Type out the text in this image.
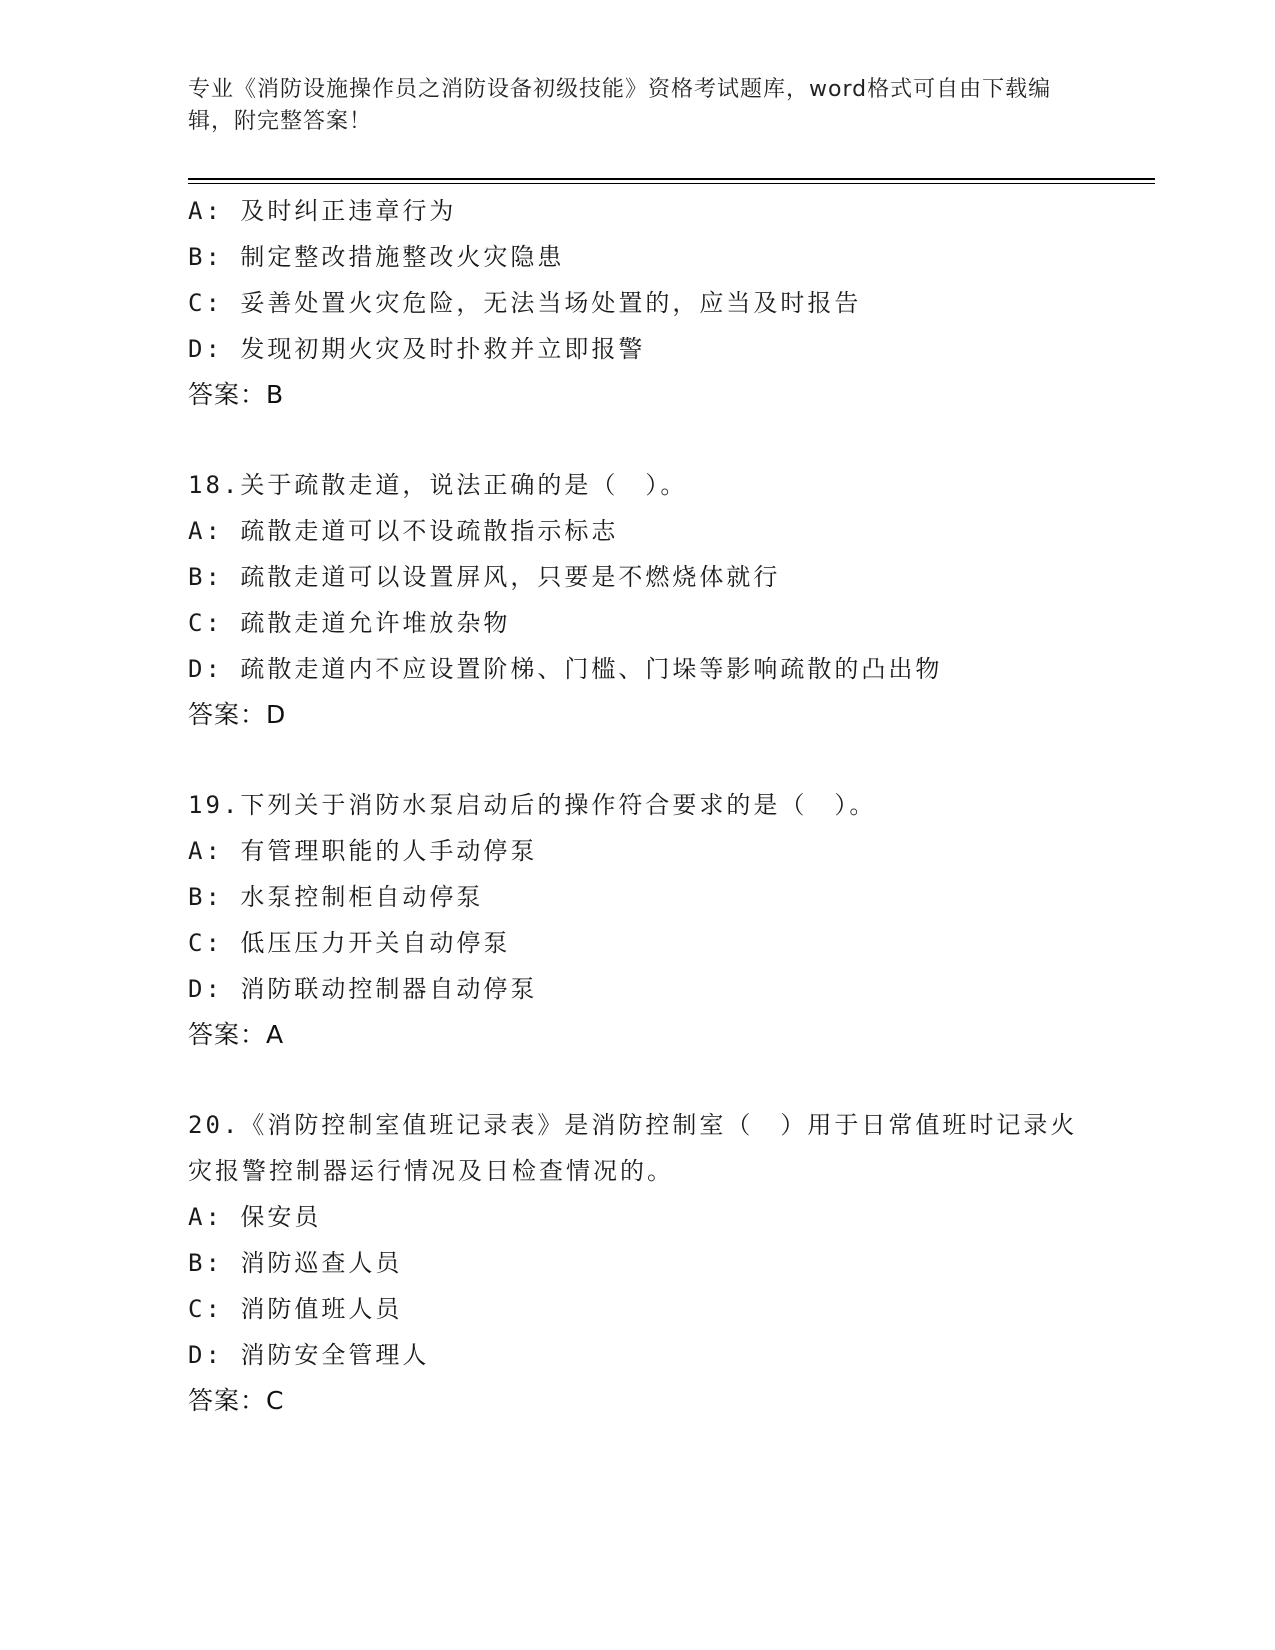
专业《消防设施操作员之消防设备初级技能》资格考试题库，word格式可自由下载编辑，附完整答案！
A: 及时纠正违章行为
B: 制定整改措施整改火灾隐患
C: 妥善处置火灾危险，无法当场处置的，应当及时报告
D: 发现初期火灾及时扑救并立即报警
答案：B
18.关于疏散走道，说法正确的是（　）。
A: 疏散走道可以不设疏散指示标志
B: 疏散走道可以设置屏风，只要是不燃烧体就行
C: 疏散走道允许堆放杂物
D: 疏散走道内不应设置阶梯、门槛、门垛等影响疏散的凸出物
答案：D
19.下列关于消防水泵启动后的操作符合要求的是（　）。
A: 有管理职能的人手动停泵
B: 水泵控制柜自动停泵
C: 低压压力开关自动停泵
D: 消防联动控制器自动停泵
答案：A
20.《消防控制室值班记录表》是消防控制室（　）用于日常值班时记录火灾报警控制器运行情况及日检查情况的。
A: 保安员
B: 消防巡查人员
C: 消防值班人员
D: 消防安全管理人
答案：C
